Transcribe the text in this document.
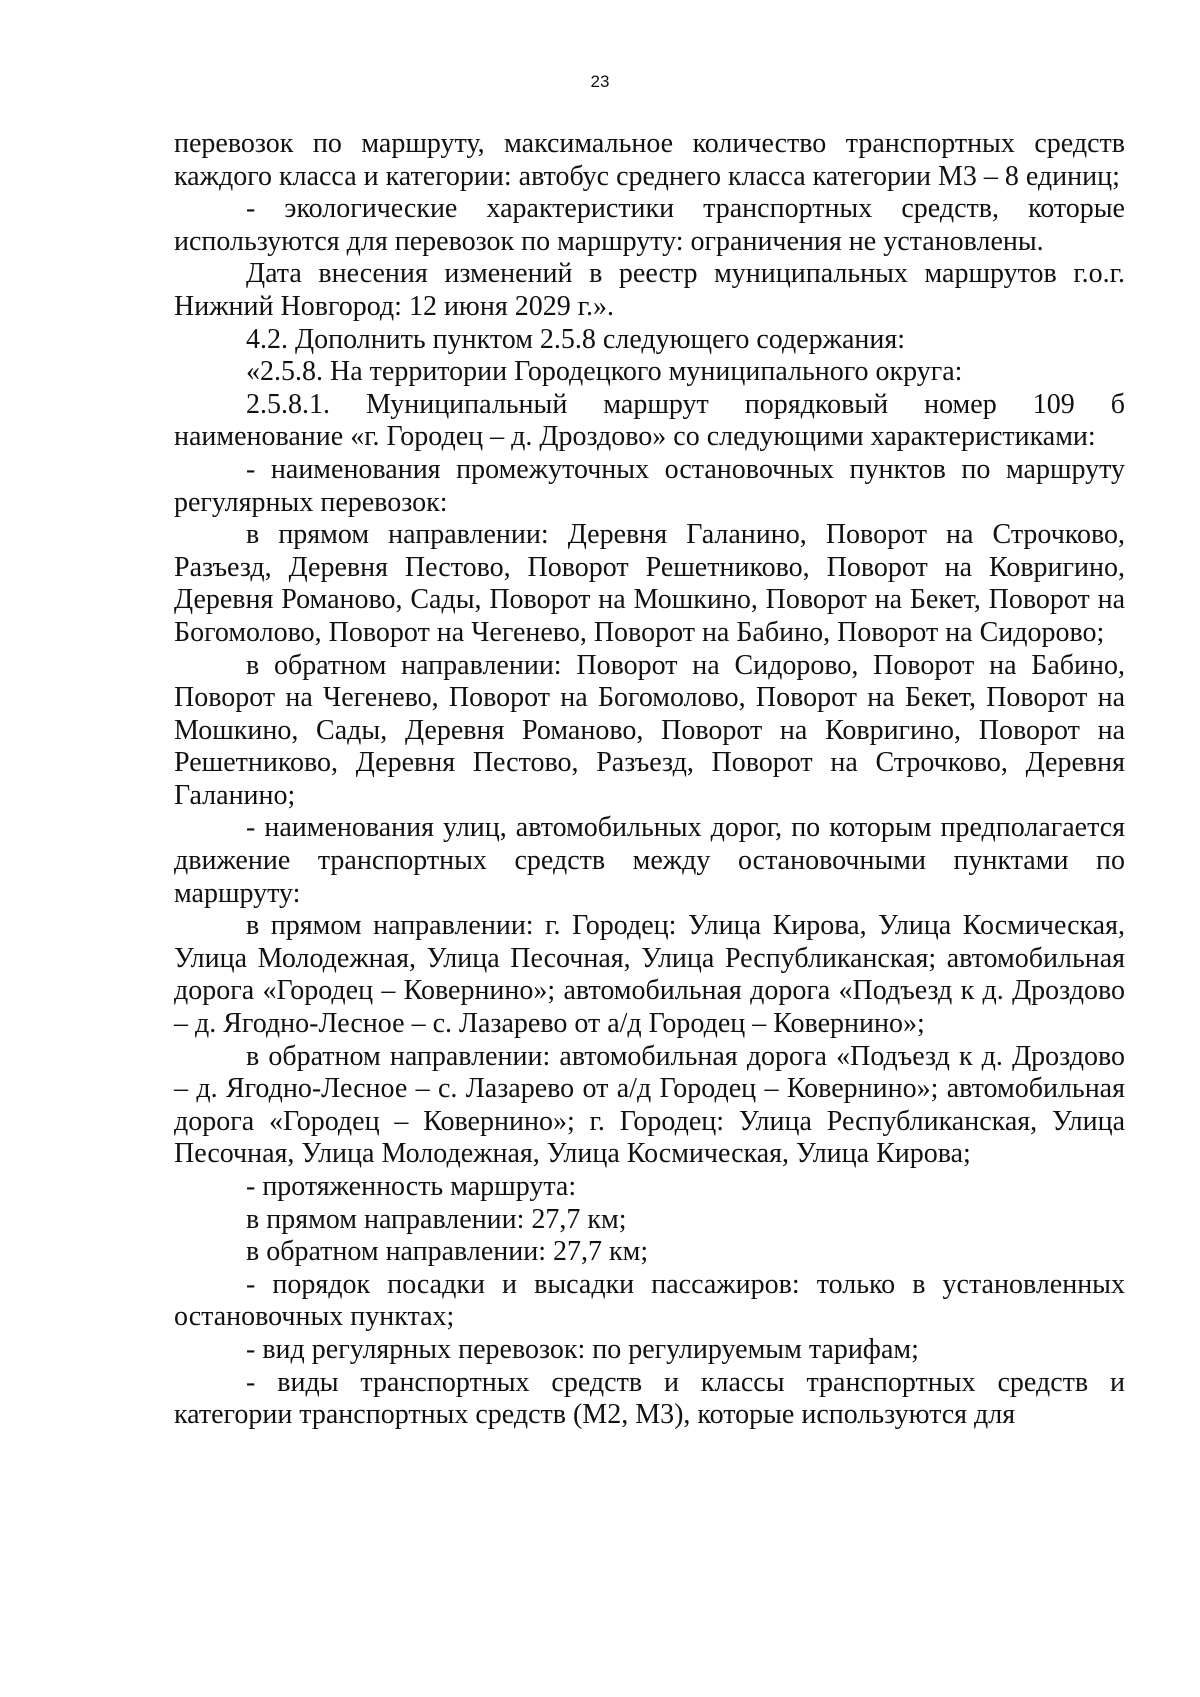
23

перевозок по маршруту, максимальное количество транспортных средств каждого класса и категории: автобус среднего класса категории М3 – 8 единиц;

- экологические характеристики транспортных средств, которые используются для перевозок по маршруту: ограничения не установлены.

Дата внесения изменений в реестр муниципальных маршрутов г.о.г. Нижний Новгород: 12 июня 2029 г.».

4.2. Дополнить пунктом 2.5.8 следующего содержания:

«2.5.8. На территории Городецкого муниципального округа:

2.5.8.1. Муниципальный маршрут порядковый номер 109 б наименование «г. Городец – д. Дроздово» со следующими характеристиками:

- наименования промежуточных остановочных пунктов по маршруту регулярных перевозок:

в прямом направлении: Деревня Галанино, Поворот на Строчково, Разъезд, Деревня Пестово, Поворот Решетниково, Поворот на Ковригино, Деревня Романово, Сады, Поворот на Мошкино, Поворот на Бекет, Поворот на Богомолово, Поворот на Чегенево, Поворот на Бабино, Поворот на Сидорово;

в обратном направлении: Поворот на Сидорово, Поворот на Бабино, Поворот на Чегенево, Поворот на Богомолово, Поворот на Бекет, Поворот на Мошкино, Сады, Деревня Романово, Поворот на Ковригино, Поворот на Решетниково, Деревня Пестово, Разъезд, Поворот на Строчково, Деревня Галанино;

- наименования улиц, автомобильных дорог, по которым предполагается движение транспортных средств между остановочными пунктами по маршруту:

в прямом направлении: г. Городец: Улица Кирова, Улица Космическая, Улица Молодежная, Улица Песочная, Улица Республиканская; автомобильная дорога «Городец – Ковернино»; автомобильная дорога «Подъезд к д. Дроздово – д. Ягодно-Лесное – с. Лазарево от а/д Городец – Ковернино»;

в обратном направлении: автомобильная дорога «Подъезд к д. Дроздово – д. Ягодно-Лесное – с. Лазарево от а/д Городец – Ковернино»; автомобильная дорога «Городец – Ковернино»; г. Городец: Улица Республиканская, Улица Песочная, Улица Молодежная, Улица Космическая, Улица Кирова;

- протяженность маршрута:

в прямом направлении: 27,7 км;

в обратном направлении: 27,7 км;

- порядок посадки и высадки пассажиров: только в установленных остановочных пунктах;

- вид регулярных перевозок: по регулируемым тарифам;

- виды транспортных средств и классы транспортных средств и категории транспортных средств (М2, М3), которые используются для
